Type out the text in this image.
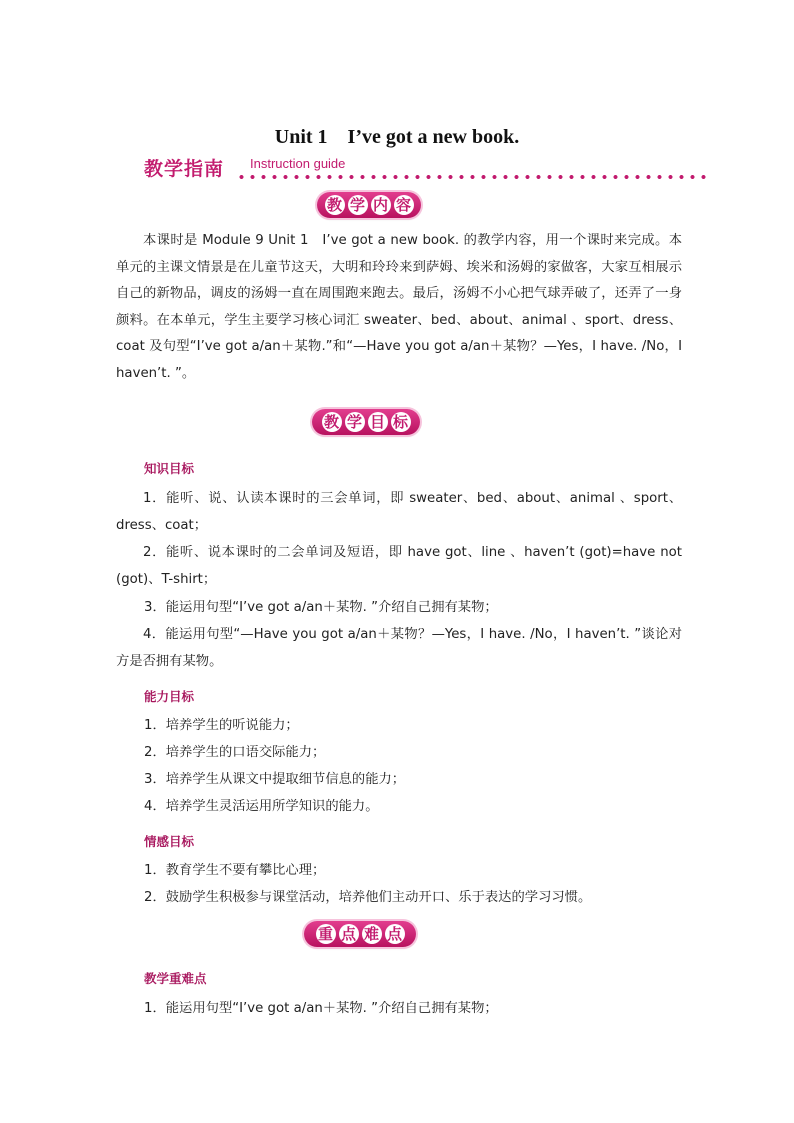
Unit 1　I’ve got a new book.
教学指南 Instruction guide
教 学 内 容
本课时是 Module 9 Unit 1　I’ve got a new book. 的教学内容，用一个课时来完成。本单元的主课文情景是在儿童节这天，大明和玲玲来到萨姆、埃米和汤姆的家做客，大家互相展示自己的新物品，调皮的汤姆一直在周围跑来跑去。最后，汤姆不小心把气球弄破了，还弄了一身颜料。在本单元，学生主要学习核心词汇 sweater、bed、about、animal 、sport、dress、coat 及句型“I’ve got a/an＋某物.”和“—Have you got a/an＋某物？—Yes，I have. /No，I haven’t. ”。
教 学 目 标
知识目标
1．能听、说、认读本课时的三会单词，即 sweater、bed、about、animal 、sport、dress、coat；
2．能听、说本课时的二会单词及短语，即 have got、line 、haven’t (got)=have not (got)、T-shirt；
3．能运用句型“I’ve got a/an＋某物. ”介绍自己拥有某物；
4．能运用句型“—Have you got a/an＋某物？—Yes，I have. /No，I haven’t. ”谈论对方是否拥有某物。
能力目标
1．培养学生的听说能力；
2．培养学生的口语交际能力；
3．培养学生从课文中提取细节信息的能力；
4．培养学生灵活运用所学知识的能力。
情感目标
1．教育学生不要有攀比心理；
2．鼓励学生积极参与课堂活动，培养他们主动开口、乐于表达的学习习惯。
重 点 难 点
教学重难点
1．能运用句型“I’ve got a/an＋某物. ”介绍自己拥有某物；
